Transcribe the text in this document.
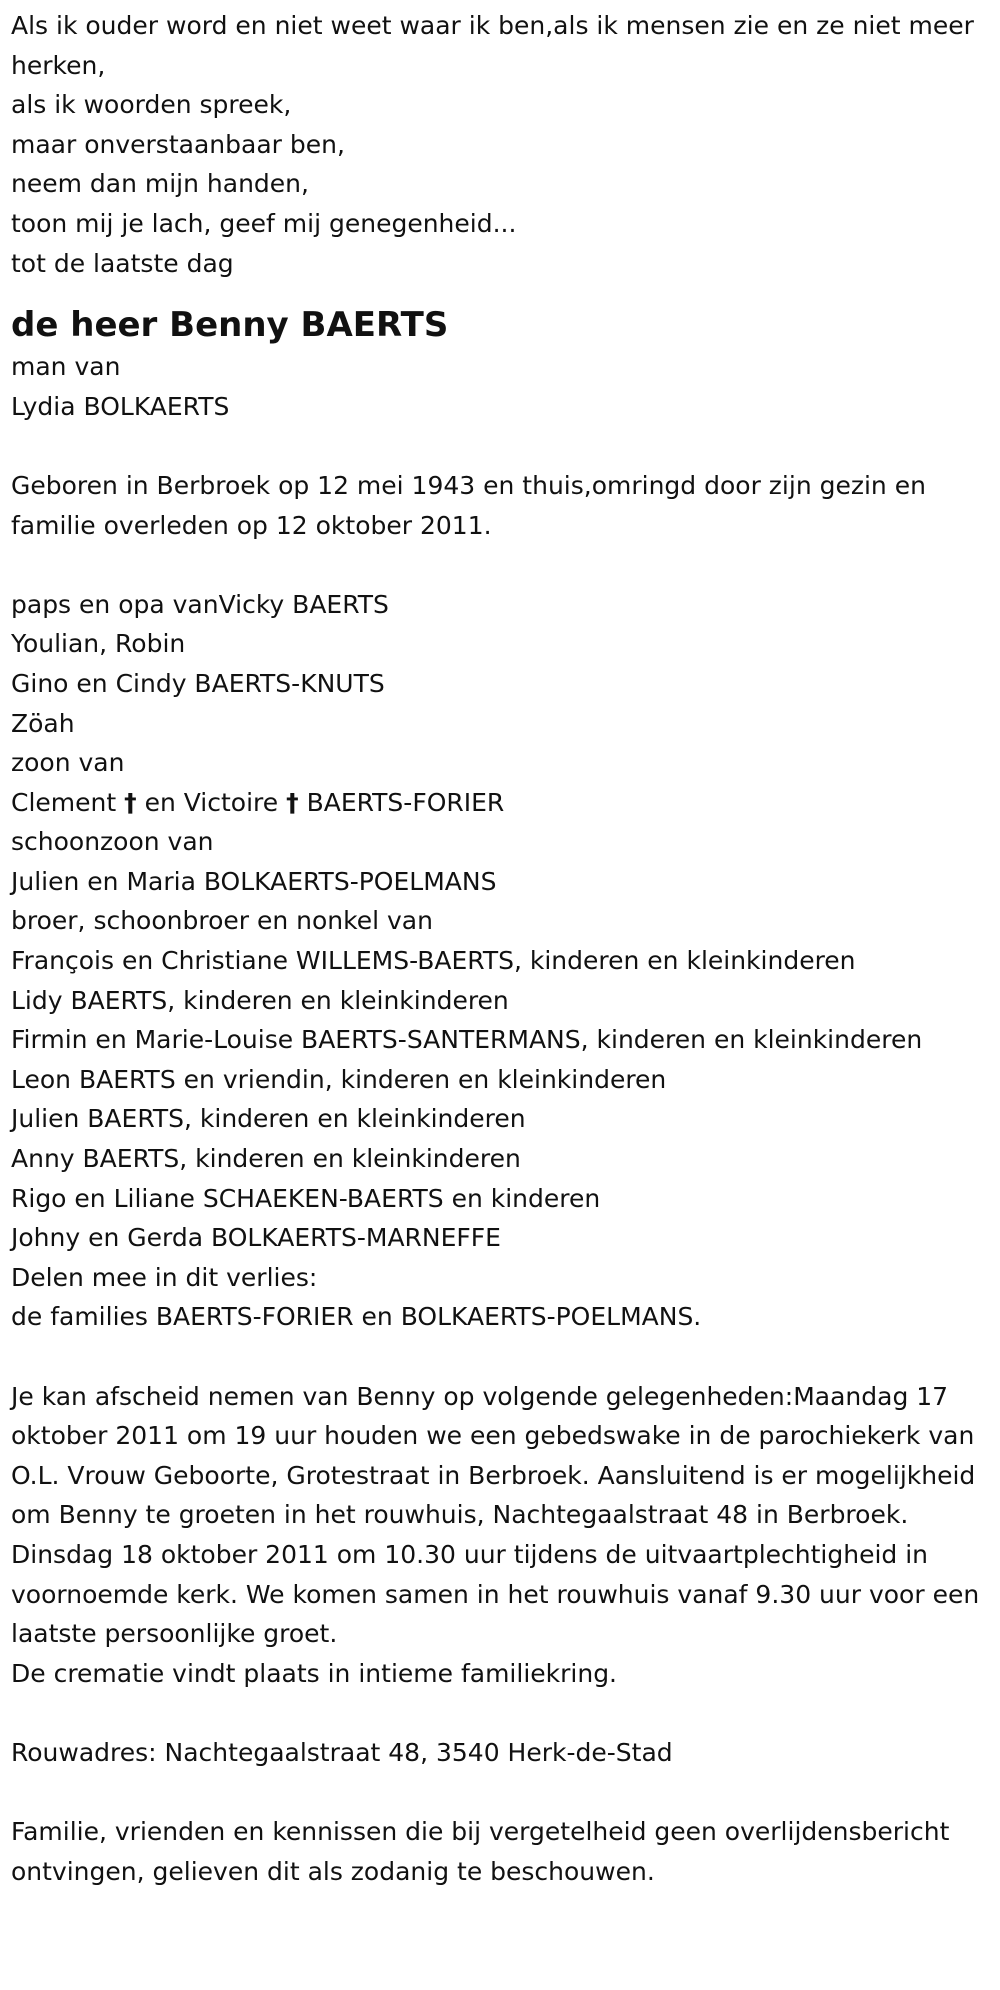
Als ik ouder word en niet weet waar ik ben,als ik mensen zie en ze niet meer herken,
als ik woorden spreek,
maar onverstaanbaar ben,
neem dan mijn handen,
toon mij je lach, geef mij genegenheid...
tot de laatste dag
de heer Benny BAERTS
man van
Lydia BOLKAERTS
Geboren in Berbroek op 12 mei 1943 en thuis,omringd door zijn gezin en familie overleden op 12 oktober 2011.
paps en opa vanVicky BAERTS
Youlian, Robin
Gino en Cindy BAERTS-KNUTS
Zöah
zoon van
Clement † en Victoire † BAERTS-FORIER
schoonzoon van
Julien en Maria BOLKAERTS-POELMANS
broer, schoonbroer en nonkel van
François en Christiane WILLEMS-BAERTS, kinderen en kleinkinderen
Lidy BAERTS, kinderen en kleinkinderen
Firmin en Marie-Louise BAERTS-SANTERMANS, kinderen en kleinkinderen
Leon BAERTS en vriendin, kinderen en kleinkinderen
Julien BAERTS, kinderen en kleinkinderen
Anny BAERTS, kinderen en kleinkinderen
Rigo en Liliane SCHAEKEN-BAERTS en kinderen
Johny en Gerda BOLKAERTS-MARNEFFE
Delen mee in dit verlies:
de families BAERTS-FORIER en BOLKAERTS-POELMANS.
Je kan afscheid nemen van Benny op volgende gelegenheden:Maandag 17 oktober 2011 om 19 uur houden we een gebedswake in de parochiekerk van O.L. Vrouw Geboorte, Grotestraat in Berbroek. Aansluitend is er mogelijkheid om Benny te groeten in het rouwhuis, Nachtegaalstraat 48 in Berbroek.
Dinsdag 18 oktober 2011 om 10.30 uur tijdens de uitvaartplechtigheid in voornoemde kerk. We komen samen in het rouwhuis vanaf 9.30 uur voor een laatste persoonlijke groet.
De crematie vindt plaats in intieme familiekring.
Rouwadres: Nachtegaalstraat 48, 3540 Herk-de-Stad
Familie, vrienden en kennissen die bij vergetelheid geen overlijdensbericht ontvingen, gelieven dit als zodanig te beschouwen.
